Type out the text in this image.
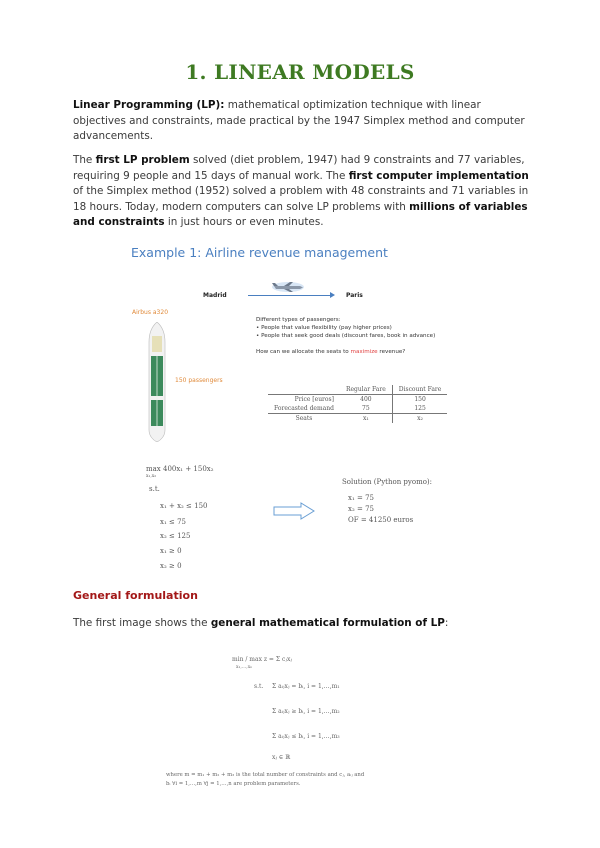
1. LINEAR MODELS
Linear Programming (LP): mathematical optimization technique with linear objectives and constraints, made practical by the 1947 Simplex method and computer advancements.
The first LP problem solved (diet problem, 1947) had 9 constraints and 77 variables, requiring 9 people and 15 days of manual work. The first computer implementation of the Simplex method (1952) solved a problem with 48 constraints and 71 variables in 18 hours. Today, modern computers can solve LP problems with millions of variables and constraints in just hours or even minutes.
Example 1: Airline revenue management
Madrid	Paris
Airbus a320
150 passengers
Different types of passengers:
• People that value flexibility (pay higher prices)
• People that seek good deals (discount fares, book in advance)
How can we allocate the seats to maximize revenue?
	Regular Fare	Discount Fare
Price [euros]	400	150
Forecasted demand	75	125
Seats	x₁	x₂
max 400x₁ + 150x₂
x₁,x₂
s.t.
x₁ + x₂ ≤ 150
x₁ ≤ 75
x₂ ≤ 125
x₁ ≥ 0
x₂ ≥ 0
Solution (Python pyomo):
x₁ = 75
x₂ = 75
OF = 41250 euros
General formulation
The first image shows the general mathematical formulation of LP:
min / max z = Σ cⱼxⱼ
x₁,…,xₙ
s.t. Σ aᵢⱼxⱼ = bᵢ, i = 1,…,m₁
Σ aᵢⱼxⱼ ≥ bᵢ, i = 1,…,m₂
Σ aᵢⱼxⱼ ≤ bᵢ, i = 1,…,m₃
xⱼ ∈ ℝ
where m = m₁ + m₂ + m₃ is the total number of constraints and cⱼ, aᵢⱼ and
bᵢ ∀i = 1,…,m ∀j = 1,…,n are problem parameters.
